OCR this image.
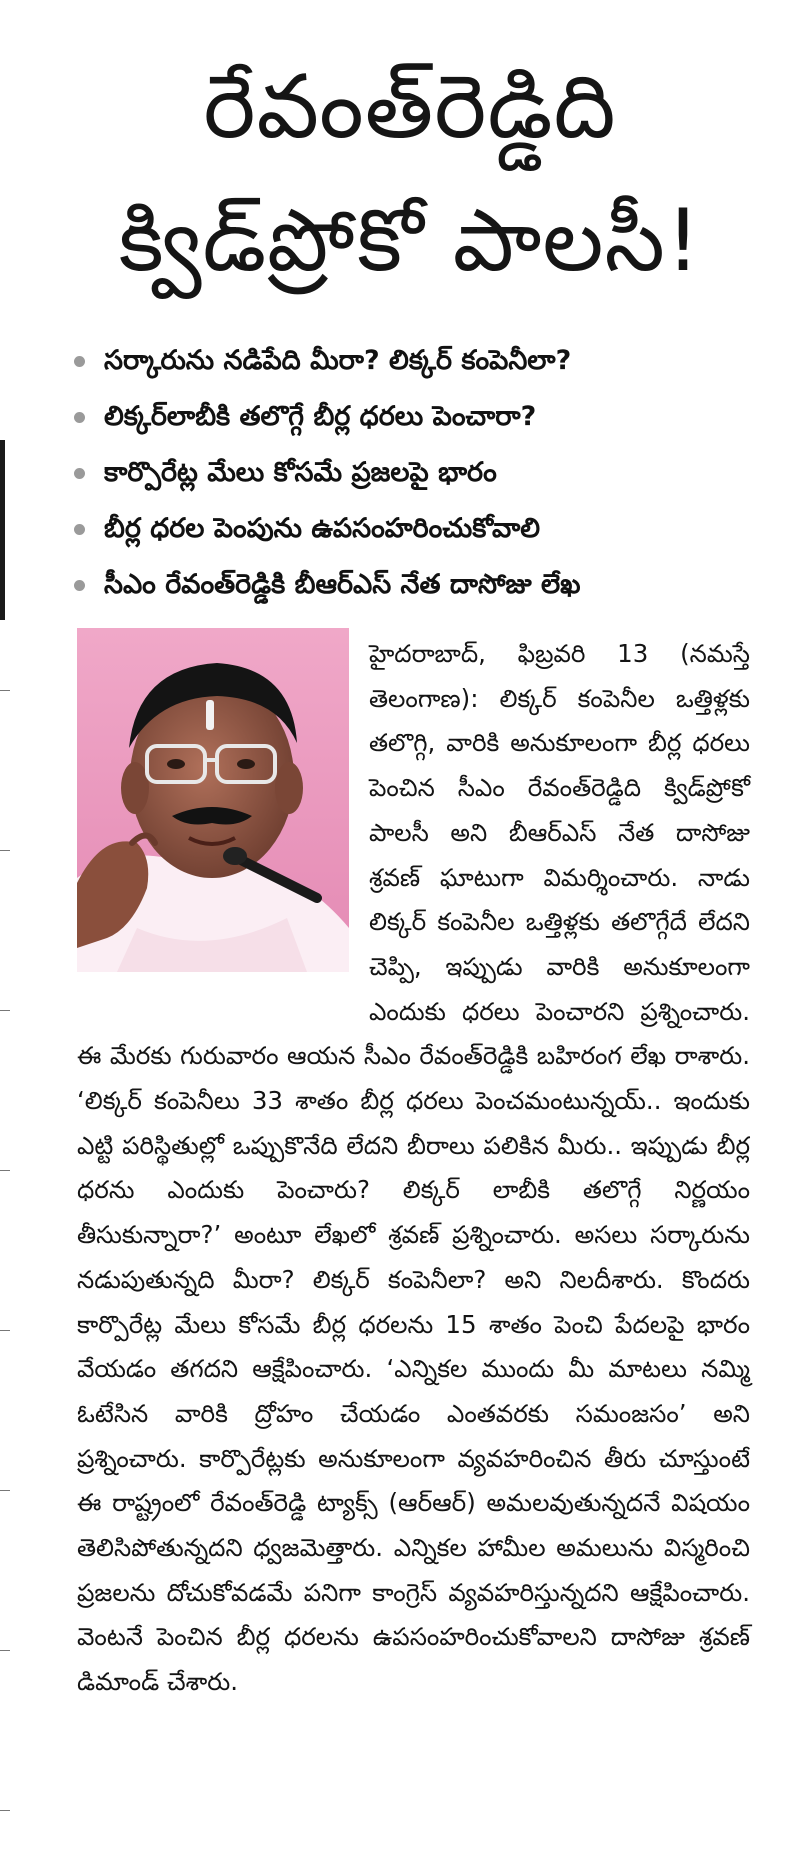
రేవంత్‌రెడ్డిది
క్విడ్‌ప్రోకో పాలసీ!
సర్కారును నడిపేది మీరా? లిక్కర్‌ కంపెనీలా?
లిక్కర్‌లాబీకి తలొగ్గే బీర్ల ధరలు పెంచారా?
కార్పొరేట్ల మేలు కోసమే ప్రజలపై భారం
బీర్ల ధరల పెంపును ఉపసంహరించుకోవాలి
సీఎం రేవంత్‌రెడ్డికి బీఆర్‌ఎస్‌ నేత దాసోజు లేఖ

హైదరాబాద్‌, ఫిబ్రవరి 13 (నమస్తే తెలంగాణ): లిక్కర్‌ కంపెనీల ఒత్తిళ్లకు తలొగ్గి, వారికి అనుకూలంగా బీర్ల ధరలు పెంచిన సీఎం రేవంత్‌రెడ్డిది క్విడ్‌ప్రోకో పాలసీ అని బీఆర్‌ఎస్‌ నేత దాసోజు శ్రవణ్‌ ఘాటుగా విమర్శించారు. నాడు లిక్కర్‌ కంపెనీల ఒత్తిళ్లకు తలొగ్గేదే లేదని చెప్పి, ఇప్పుడు వారికి అనుకూలంగా ఎందుకు ధరలు పెంచారని ప్రశ్నించారు. ఈ మేరకు గురువారం ఆయన సీఎం రేవంత్‌రెడ్డికి బహిరంగ లేఖ రాశారు. ‘లిక్కర్‌ కంపెనీలు 33 శాతం బీర్ల ధరలు పెంచమంటున్నయ్‌.. ఇందుకు ఎట్టి పరిస్థితుల్లో ఒప్పుకొనేది లేదని బీరాలు పలికిన మీరు.. ఇప్పుడు బీర్ల ధరను ఎందుకు పెంచారు? లిక్కర్‌ లాబీకి తలొగ్గే నిర్ణయం తీసుకున్నారా?’ అంటూ లేఖలో శ్రవణ్‌ ప్రశ్నించారు. అసలు సర్కారును నడుపుతున్నది మీరా? లిక్కర్‌ కంపెనీలా? అని నిలదీశారు. కొందరు కార్పొరేట్ల మేలు కోసమే బీర్ల ధరలను 15 శాతం పెంచి పేదలపై భారం వేయడం తగదని ఆక్షేపించారు. ‘ఎన్నికల ముందు మీ మాటలు నమ్మి ఓటేసిన వారికి ద్రోహం చేయడం ఎంతవరకు సమంజసం’ అని ప్రశ్నించారు. కార్పొరేట్లకు అనుకూలంగా వ్యవహరించిన తీరు చూస్తుంటే ఈ రాష్ట్రంలో రేవంత్‌రెడ్డి ట్యాక్స్‌ (ఆర్‌ఆర్‌) అమలవుతున్నదనే విషయం తెలిసిపోతున్నదని ధ్వజమెత్తారు. ఎన్నికల హామీల అమలును విస్మరించి ప్రజలను దోచుకోవడమే పనిగా కాంగ్రెస్‌ వ్యవహరిస్తున్నదని ఆక్షేపించారు. వెంటనే పెంచిన బీర్ల ధరలను ఉపసంహరించుకోవాలని దాసోజు శ్రవణ్‌ డిమాండ్‌ చేశారు.
